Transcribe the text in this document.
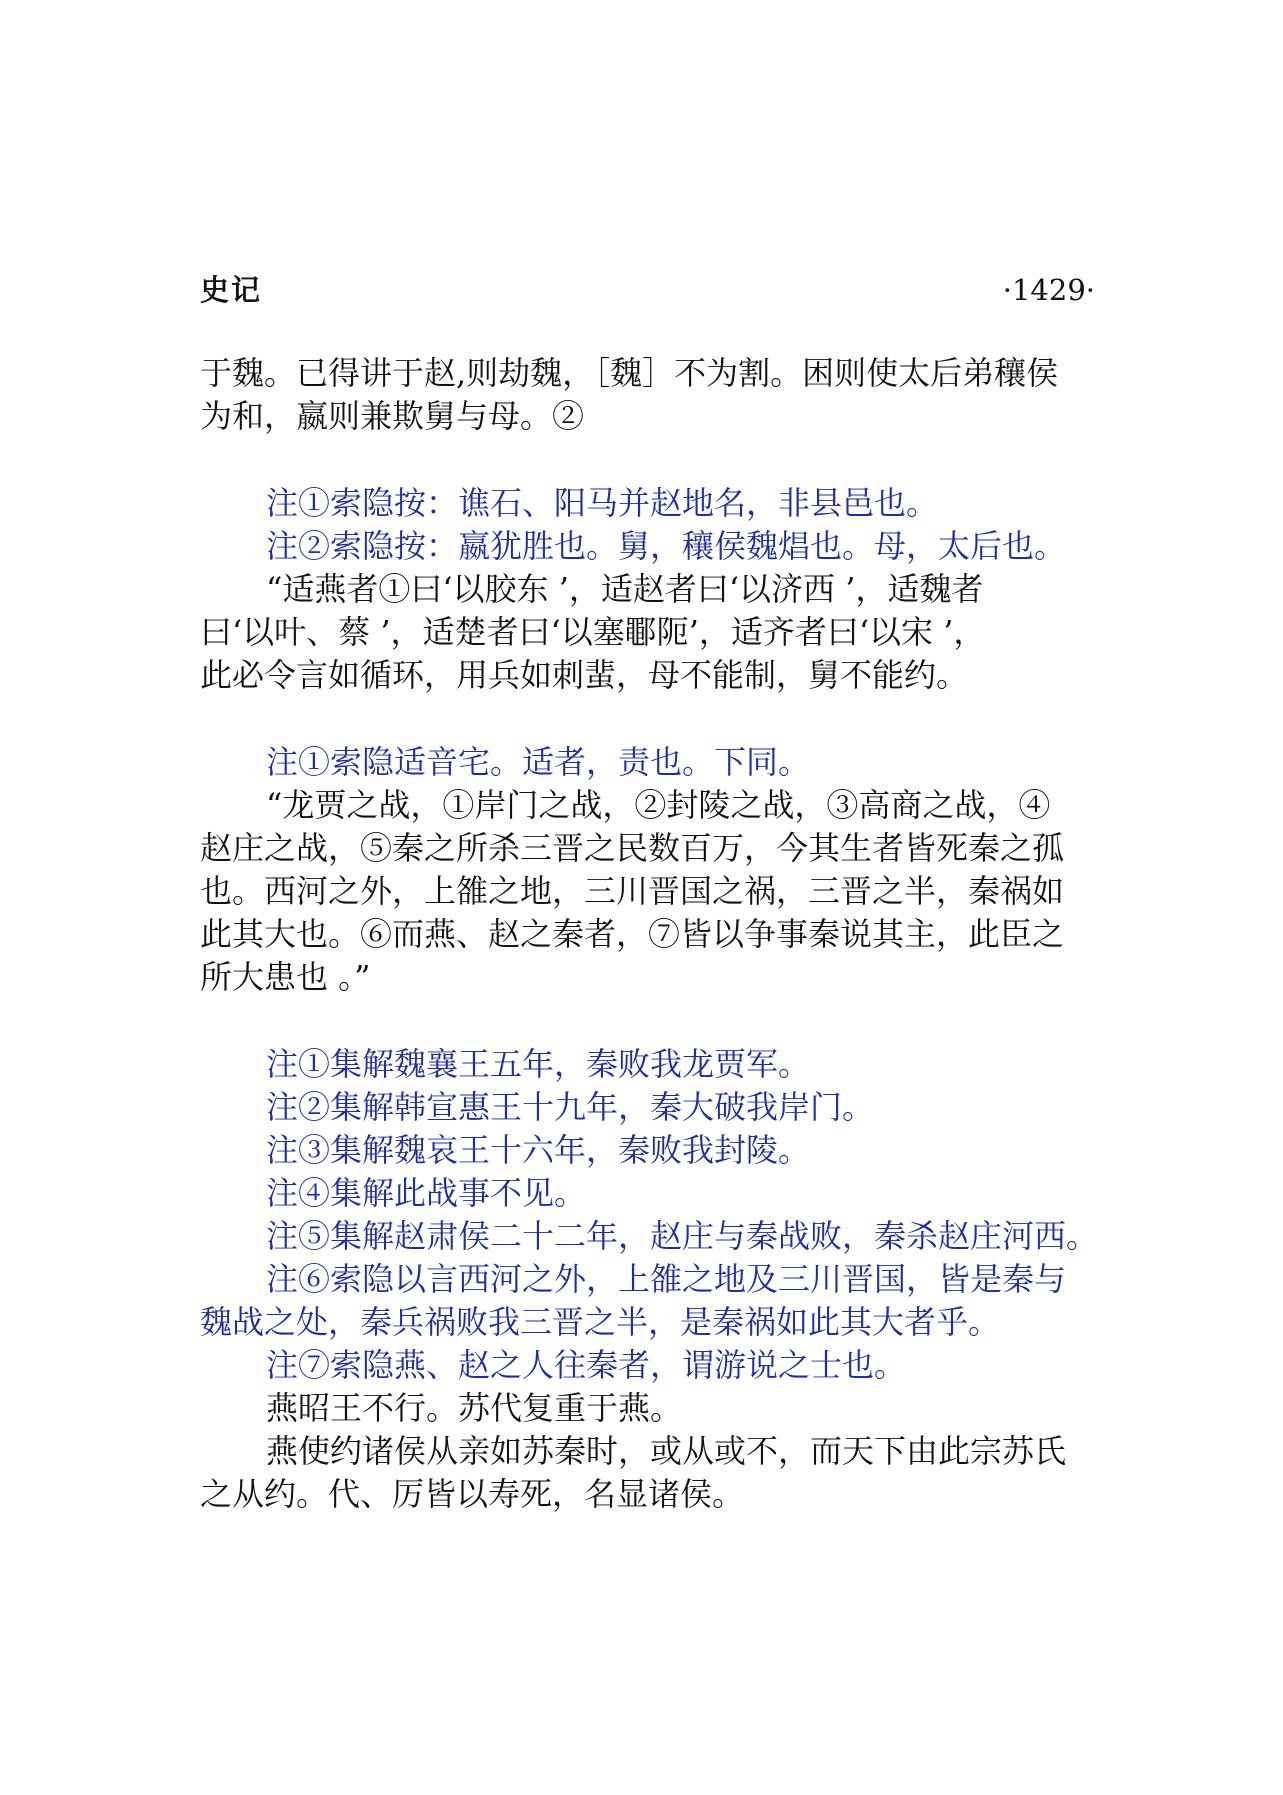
史记	·1429·

于魏。已得讲于赵,则劫魏，［魏］不为割。困则使太后弟穰侯

为和，嬴则兼欺舅与母。②

注①索隐按：谯石、阳马并赵地名，非县邑也。

注②索隐按：嬴犹胜也。舅，穰侯魏焻也。母，太后也。

“适燕者①曰‘以胶东 ’，适赵者曰‘以济西 ’，适魏者

曰‘以叶、蔡 ’，适楚者曰‘以塞鄳阨’，适齐者曰‘以宋 ’，

此必令言如循环，用兵如刺蜚，母不能制，舅不能约。

注①索隐适音宅。适者，责也。下同。

“龙贾之战，①岸门之战，②封陵之战，③高商之战，④

赵庄之战，⑤秦之所杀三晋之民数百万，今其生者皆死秦之孤

也。西河之外，上雒之地，三川晋国之祸，三晋之半，秦祸如

此其大也。⑥而燕、赵之秦者，⑦皆以争事秦说其主，此臣之

所大患也 。”

注①集解魏襄王五年，秦败我龙贾军。

注②集解韩宣惠王十九年，秦大破我岸门。

注③集解魏哀王十六年，秦败我封陵。

注④集解此战事不见。

注⑤集解赵肃侯二十二年，赵庄与秦战败，秦杀赵庄河西。

注⑥索隐以言西河之外，上雒之地及三川晋国，皆是秦与

魏战之处，秦兵祸败我三晋之半，是秦祸如此其大者乎。

注⑦索隐燕、赵之人往秦者，谓游说之士也。

燕昭王不行。苏代复重于燕。

燕使约诸侯从亲如苏秦时，或从或不，而天下由此宗苏氏

之从约。代、厉皆以寿死，名显诸侯。
